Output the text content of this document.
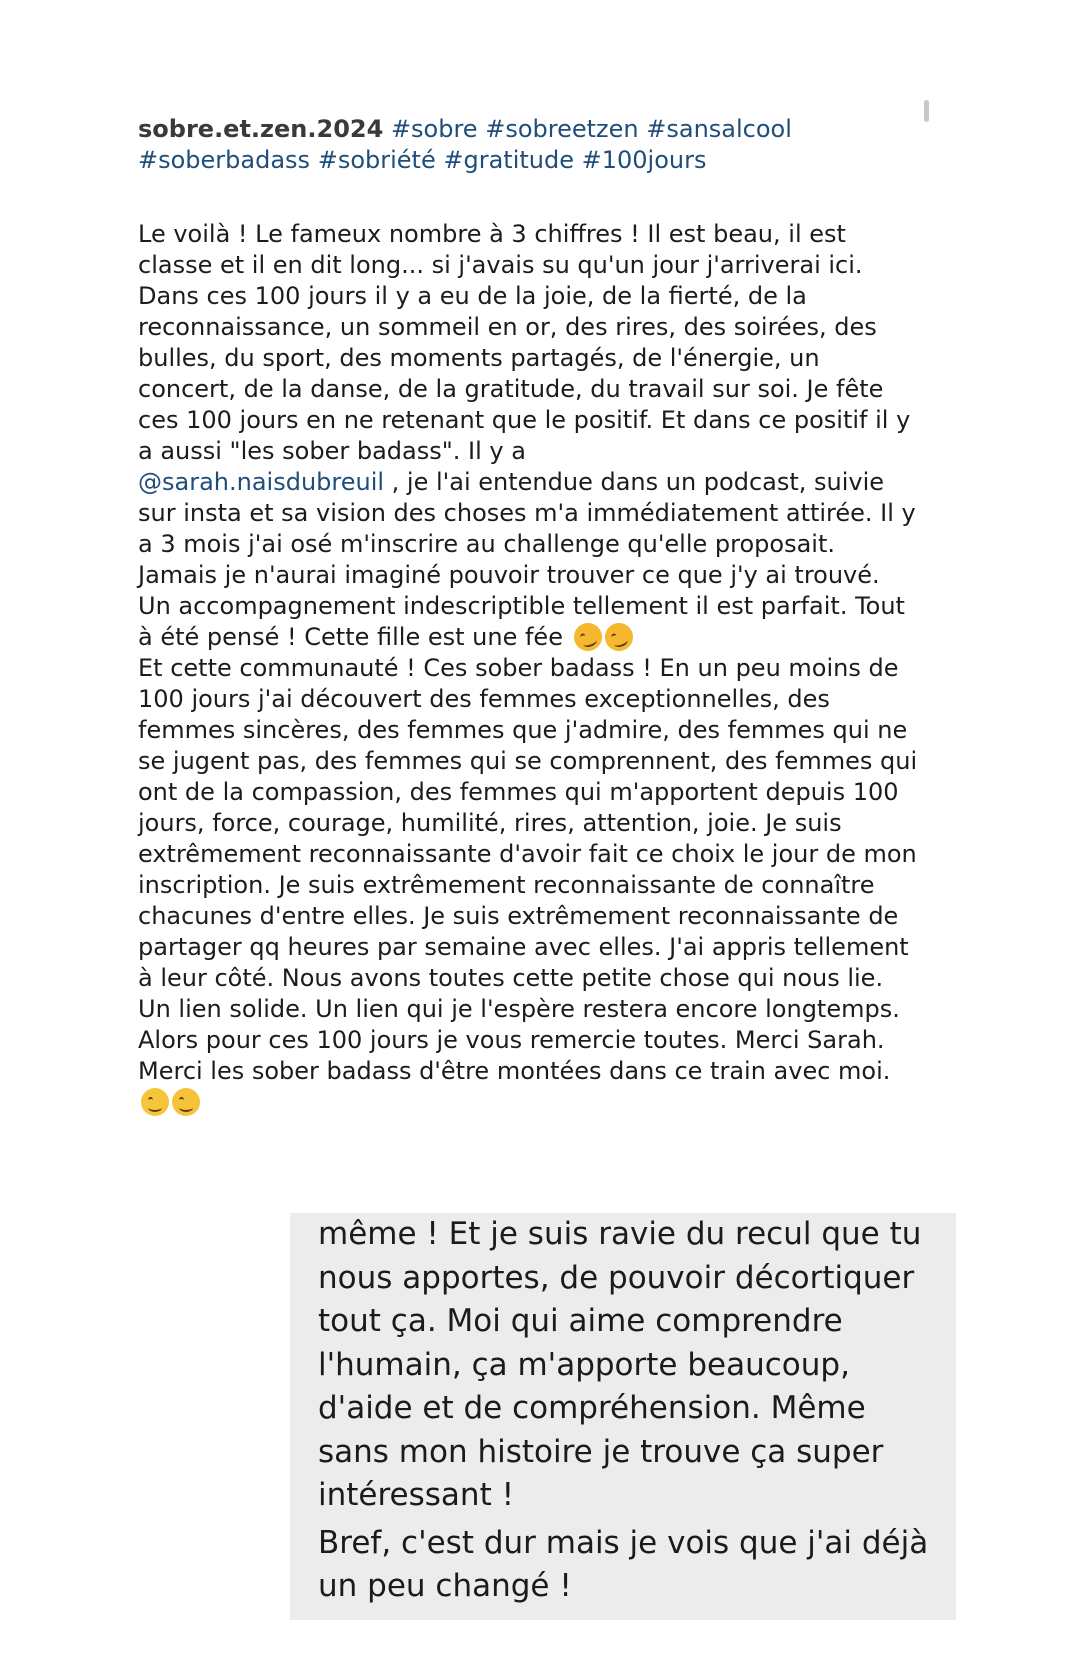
sobre.et.zen.2024 #sobre #sobreetzen #sansalcool
#soberbadass #sobriété #gratitude #100jours

Le voilà ! Le fameux nombre à 3 chiffres ! Il est beau, il est classe et il en dit long... si j'avais su qu'un jour j'arriverai ici. Dans ces 100 jours il y a eu de la joie, de la fierté, de la reconnaissance, un sommeil en or, des rires, des soirées, des bulles, du sport, des moments partagés, de l'énergie, un concert, de la danse, de la gratitude, du travail sur soi. Je fête ces 100 jours en ne retenant que le positif. Et dans ce positif il y a aussi "les sober badass". Il y a
@sarah.naisdubreuil , je l'ai entendue dans un podcast, suivie sur insta et sa vision des choses m'a immédiatement attirée. Il y a 3 mois j'ai osé m'inscrire au challenge qu'elle proposait. Jamais je n'aurai imaginé pouvoir trouver ce que j'y ai trouvé. Un accompagnement indescriptible tellement il est parfait. Tout à été pensé ! Cette fille est une fée

Et cette communauté ! Ces sober badass ! En un peu moins de 100 jours j'ai découvert des femmes exceptionnelles, des femmes sincères, des femmes que j'admire, des femmes qui ne se jugent pas, des femmes qui se comprennent, des femmes qui ont de la compassion, des femmes qui m'apportent depuis 100 jours, force, courage, humilité, rires, attention, joie. Je suis extrêmement reconnaissante d'avoir fait ce choix le jour de mon inscription. Je suis extrêmement reconnaissante de connaître chacunes d'entre elles. Je suis extrêmement reconnaissante de partager qq heures par semaine avec elles. J'ai appris tellement à leur côté. Nous avons toutes cette petite chose qui nous lie. Un lien solide. Un lien qui je l'espère restera encore longtemps. Alors pour ces 100 jours je vous remercie toutes. Merci Sarah. Merci les sober badass d'être montées dans ce train avec moi.

même ! Et je suis ravie du recul que tu nous apportes, de pouvoir décortiquer tout ça. Moi qui aime comprendre l'humain, ça m'apporte beaucoup, d'aide et de compréhension. Même sans mon histoire je trouve ça super intéressant !

Bref, c'est dur mais je vois que j'ai déjà un peu changé !
